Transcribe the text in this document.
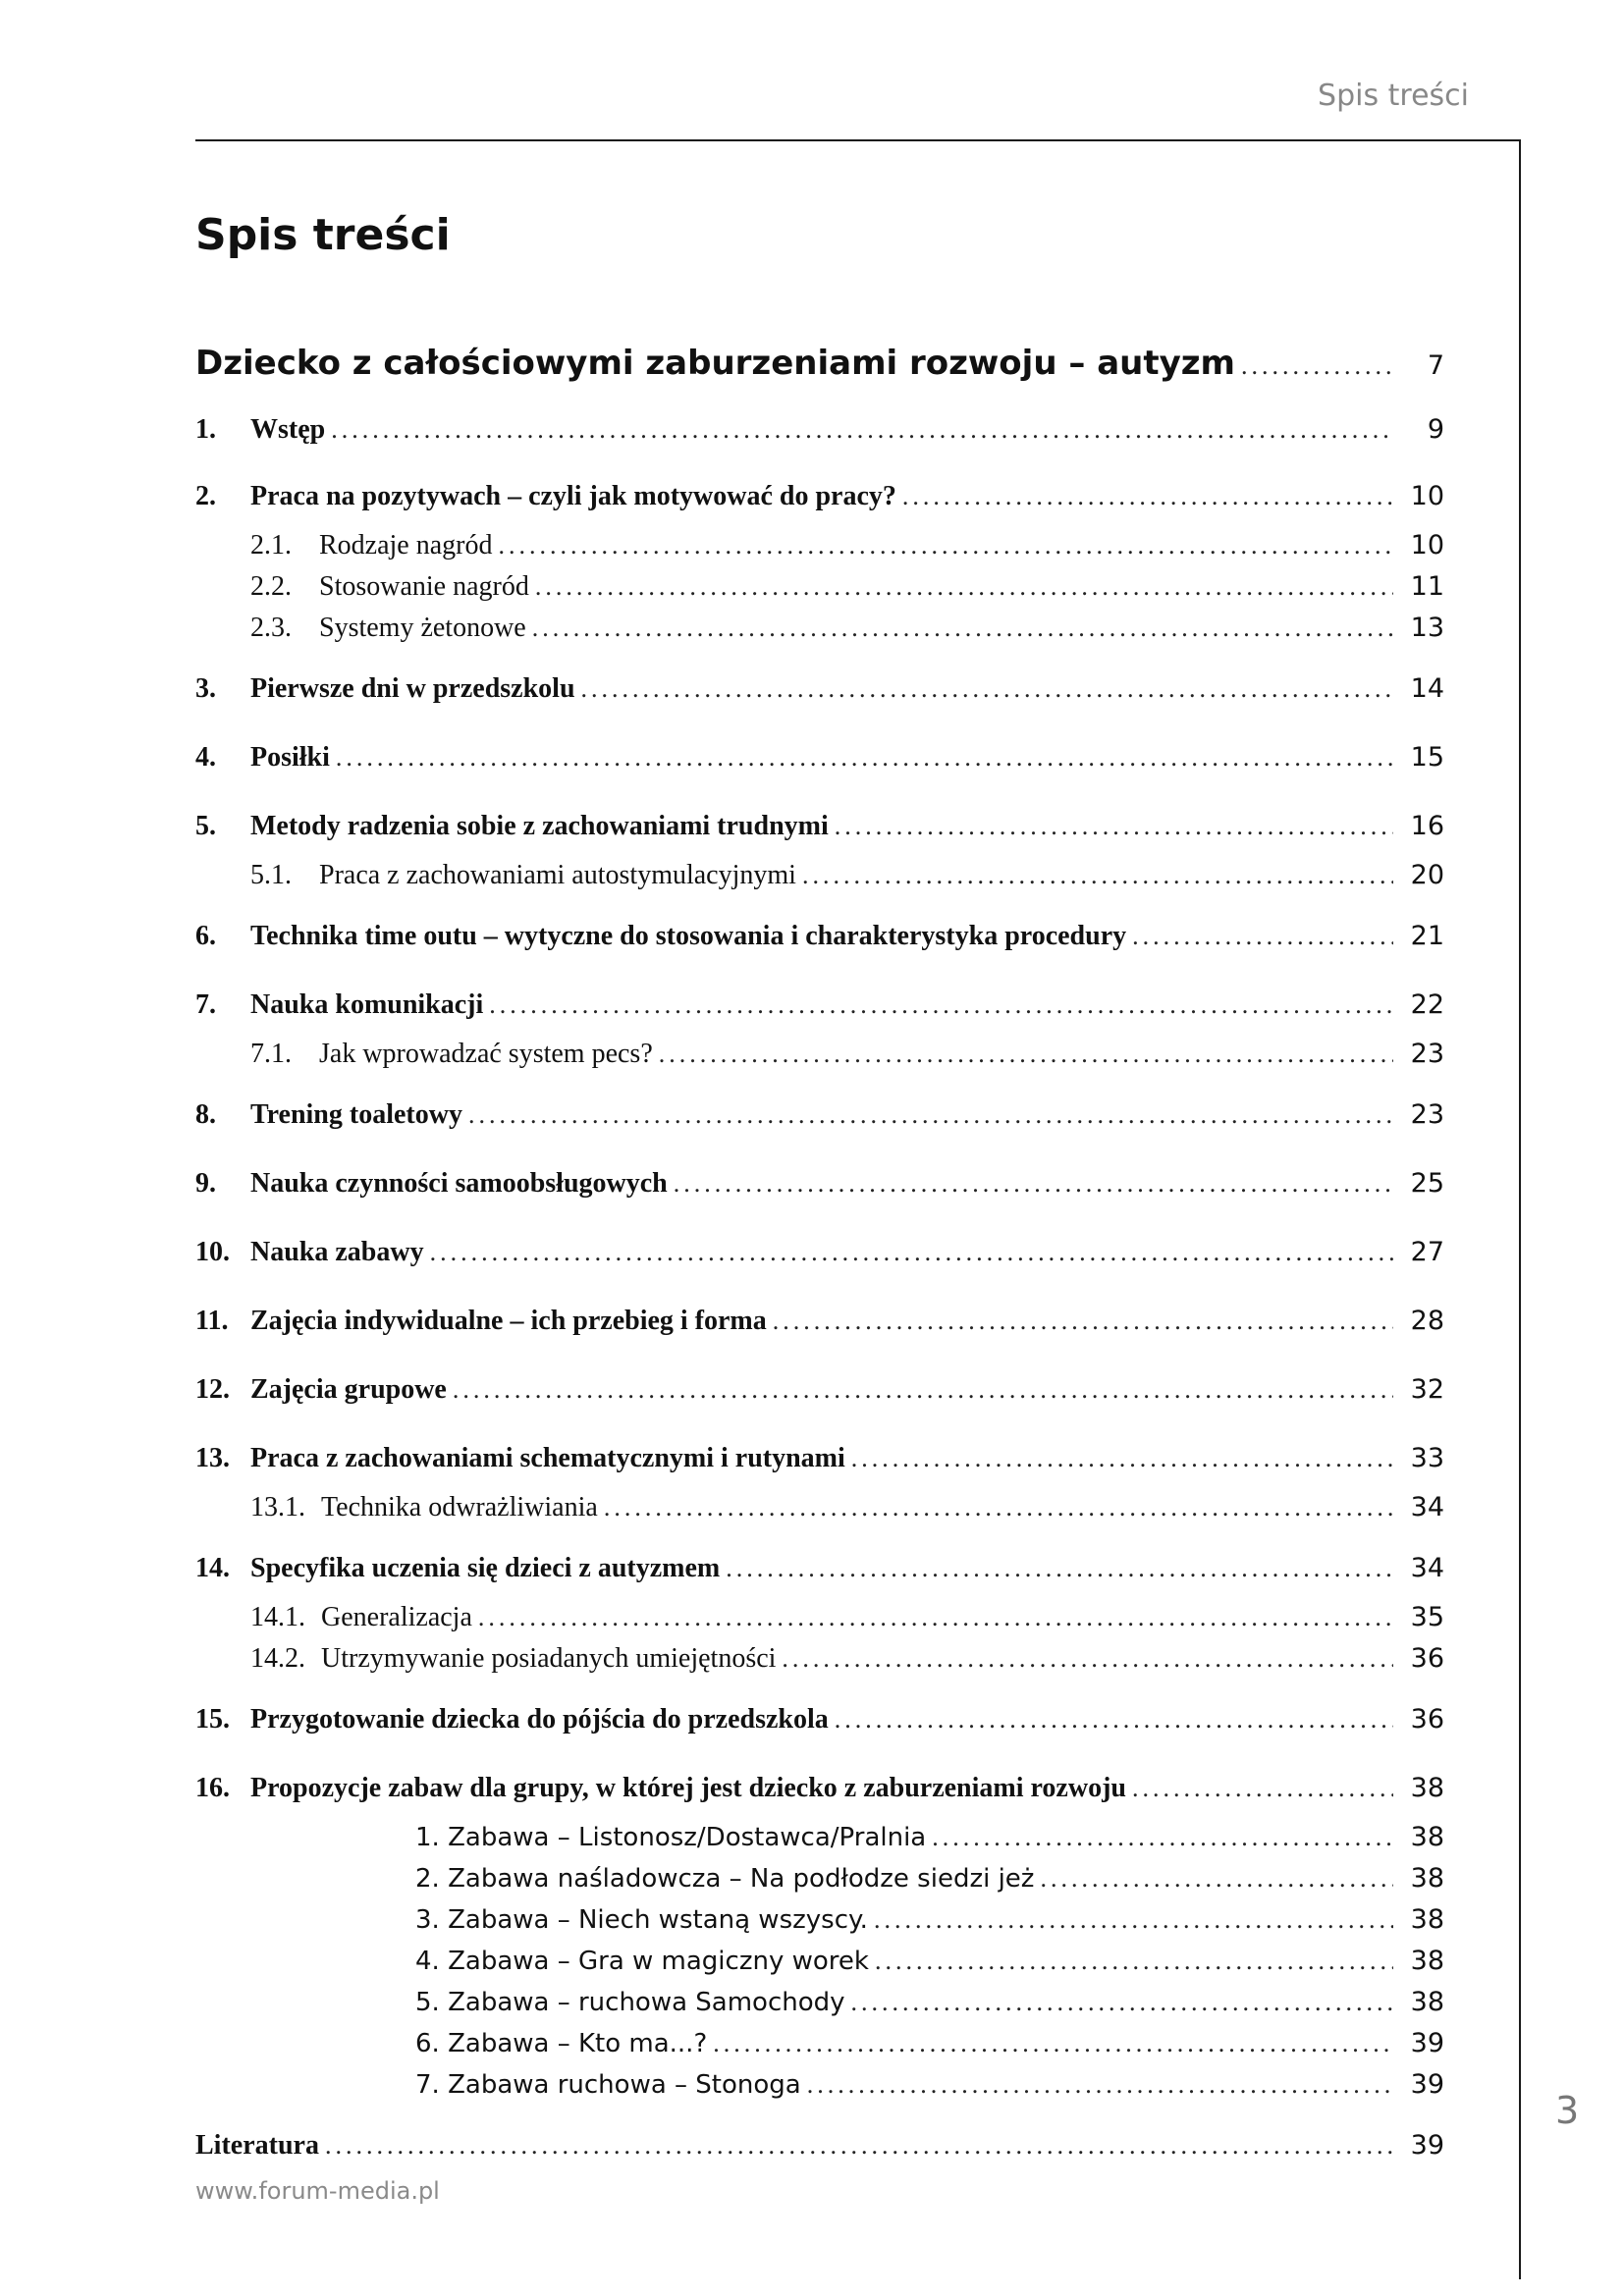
Spis treści
Spis treści
Dziecko z całościowymi zaburzeniami rozwoju – autyzm .....	7
1.	Wstęp .....	9
2.	Praca na pozytywach – czyli jak motywować do pracy? .....	10
2.1.	Rodzaje nagród .....	10
2.2.	Stosowanie nagród .....	11
2.3.	Systemy żetonowe .....	13
3.	Pierwsze dni w przedszkolu .....	14
4.	Posiłki .....	15
5.	Metody radzenia sobie z zachowaniami trudnymi .....	16
5.1.	Praca z zachowaniami autostymulacyjnymi .....	20
6.	Technika time outu – wytyczne do stosowania i charakterystyka procedury .....	21
7.	Nauka komunikacji .....	22
7.1.	Jak wprowadzać system pecs? .....	23
8.	Trening toaletowy .....	23
9.	Nauka czynności samoobsługowych .....	25
10. Nauka zabawy .....	27
11. Zajęcia indywidualne – ich przebieg i forma .....	28
12. Zajęcia grupowe .....	32
13. Praca z zachowaniami schematycznymi i rutynami .....	33
13.1. Technika odwrażliwiania .....	34
14. Specyfika uczenia się dzieci z autyzmem .....	34
14.1. Generalizacja .....	35
14.2. Utrzymywanie posiadanych umiejętności .....	36
15. Przygotowanie dziecka do pójścia do przedszkola .....	36
16. Propozycje zabaw dla grupy, w której jest dziecko z zaburzeniami rozwoju .....	38
1. Zabawa – Listonosz/Dostawca/Pralnia .....	38
2. Zabawa naśladowcza – Na podłodze siedzi jeż .....	38
3. Zabawa – Niech wstaną wszyscy. .....	38
4. Zabawa – Gra w magiczny worek .....	38
5. Zabawa – ruchowa Samochody .....	38
6. Zabawa – Kto ma...? .....	39
7. Zabawa ruchowa – Stonoga .....	39
Literatura .....	39
3
www.forum-media.pl
